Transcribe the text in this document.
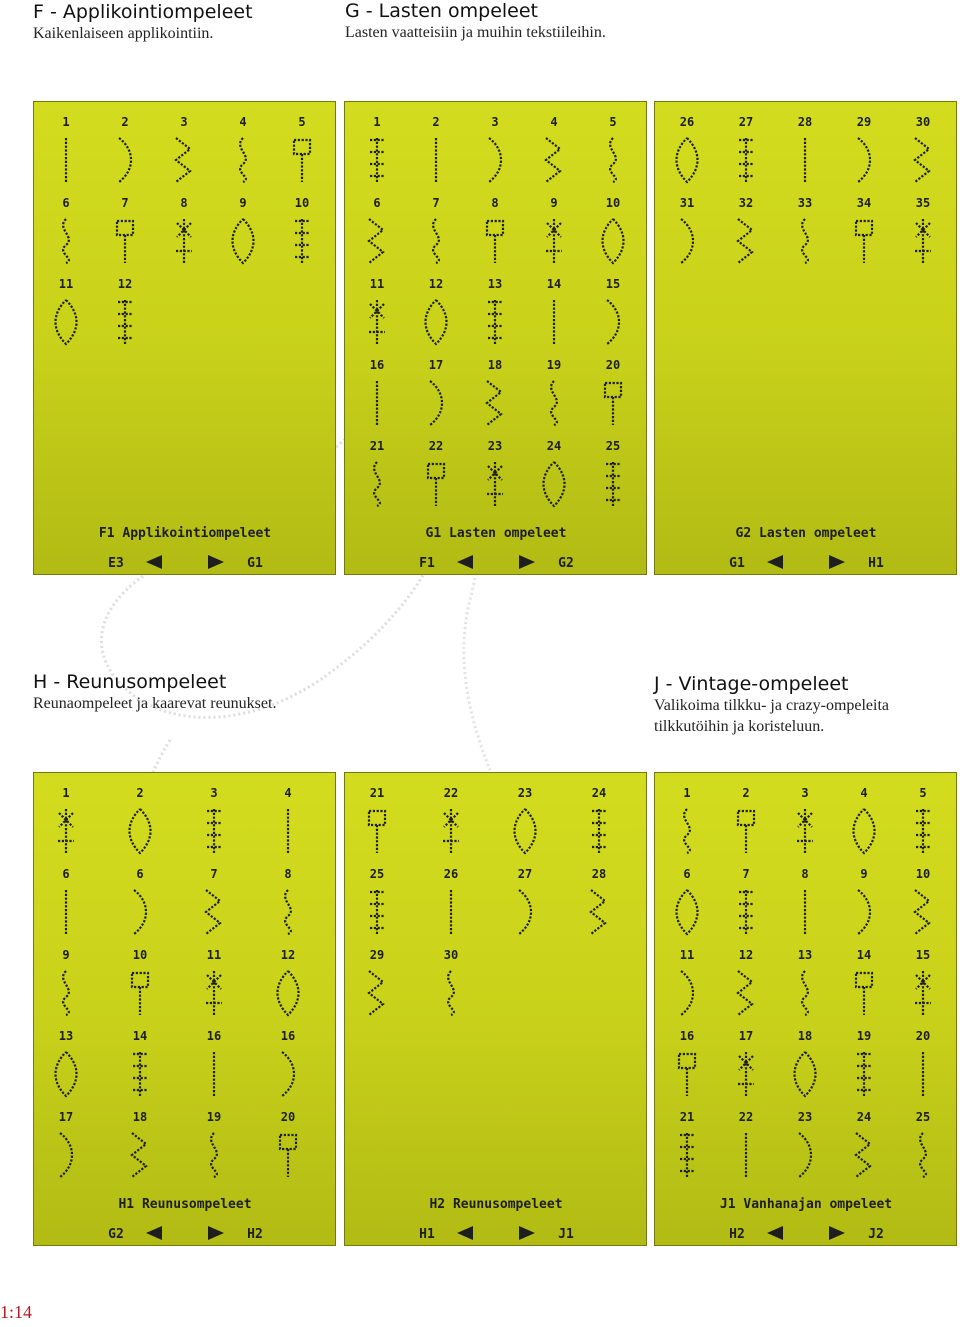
F - Applikointiompeleet
Kaikenlaiseen applikointiin.
G - Lasten ompeleet
Lasten vaatteisiin ja muihin tekstiileihin.
H - Reunusompeleet
Reunaompeleet ja kaarevat reunukset.
J - Vintage-ompeleet
Valikoima tilkku- ja crazy-ompeleita
tilkkutöihin ja koristeluun.
1	2	3	4	5
6	7	8	9	10
11	12
F1 Applikointiompeleet
E3	G1
1	2	3	4	5
6	7	8	9	10
11	12	13	14	15
16	17	18	19	20
21	22	23	24	25
G1 Lasten ompeleet
F1	G2
26	27	28	29	30
31	32	33	34	35
G2 Lasten ompeleet
G1	H1
1	2	3	4
6	6	7	8
9	10	11	12
13	14	16	16
17	18	19	20
H1 Reunusompeleet
G2	H2
21	22	23	24
25	26	27	28
29	30
H2 Reunusompeleet
H1	J1
1	2	3	4	5
6	7	8	9	10
11	12	13	14	15
16	17	18	19	20
21	22	23	24	25
J1 Vanhanajan ompeleet
H2	J2
1:14
